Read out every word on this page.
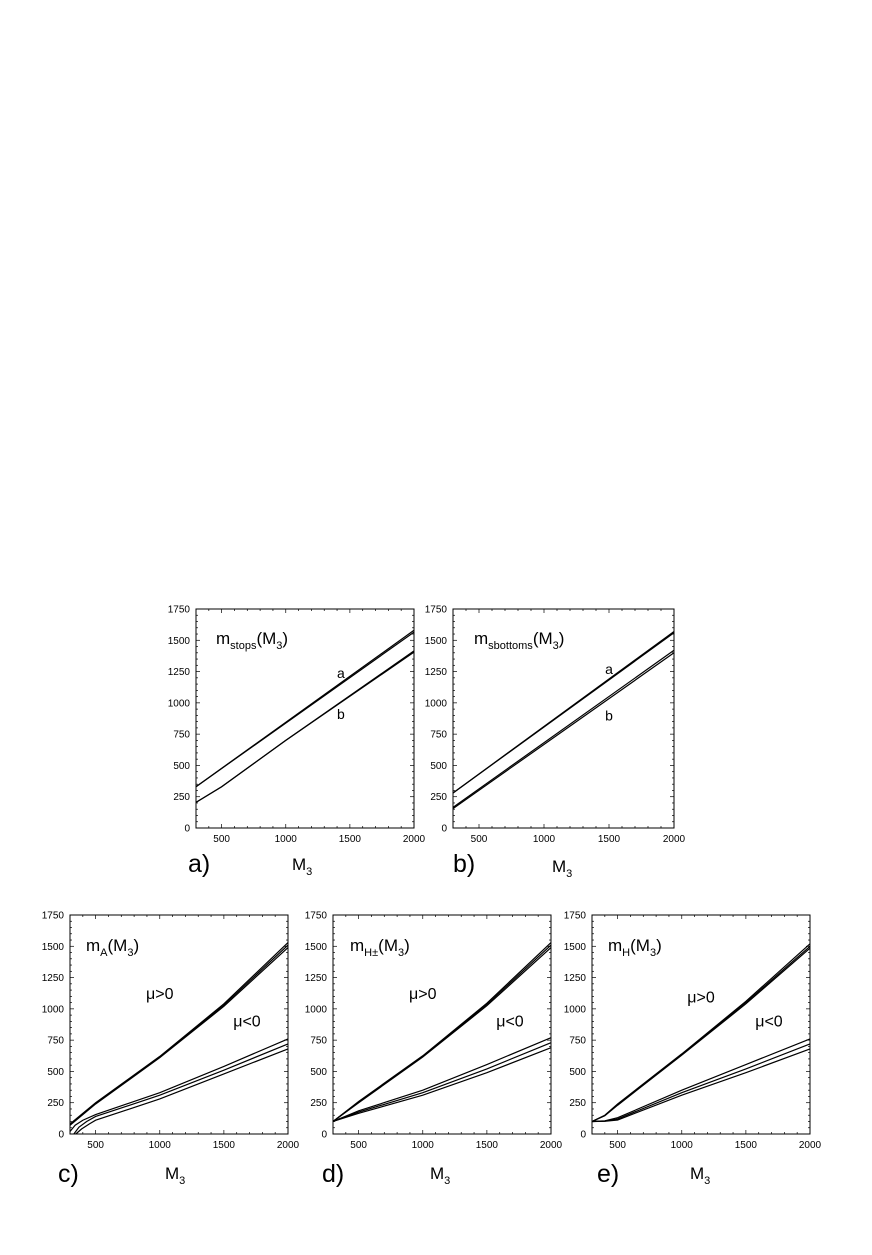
0
250
500
750
1000
1250
1500
1750
500	1000	1500	2000
$m_{stops}(M_3)$
$M_3$
a)
a
b
0
250
500
750
1000
1250
1500
1750
500	1000	1500	2000
$m_{sbottoms}(M_3)$
$M_3$
b)
a
b
0
250
500
750
1000
1250
1500
1750
500	1000	1500	2000
$m_A(M_3)$
$M_3$
c)
μ>0
μ<0
0
250
500
750
1000
1250
1500
1750
500	1000	1500	2000
$m_{H\pm}(M_3)$
$M_3$
d)
μ>0
μ<0
0
250
500
750
1000
1250
1500
1750
500	1000	1500	2000
$m_H(M_3)$
$M_3$
e)
μ>0
μ<0
